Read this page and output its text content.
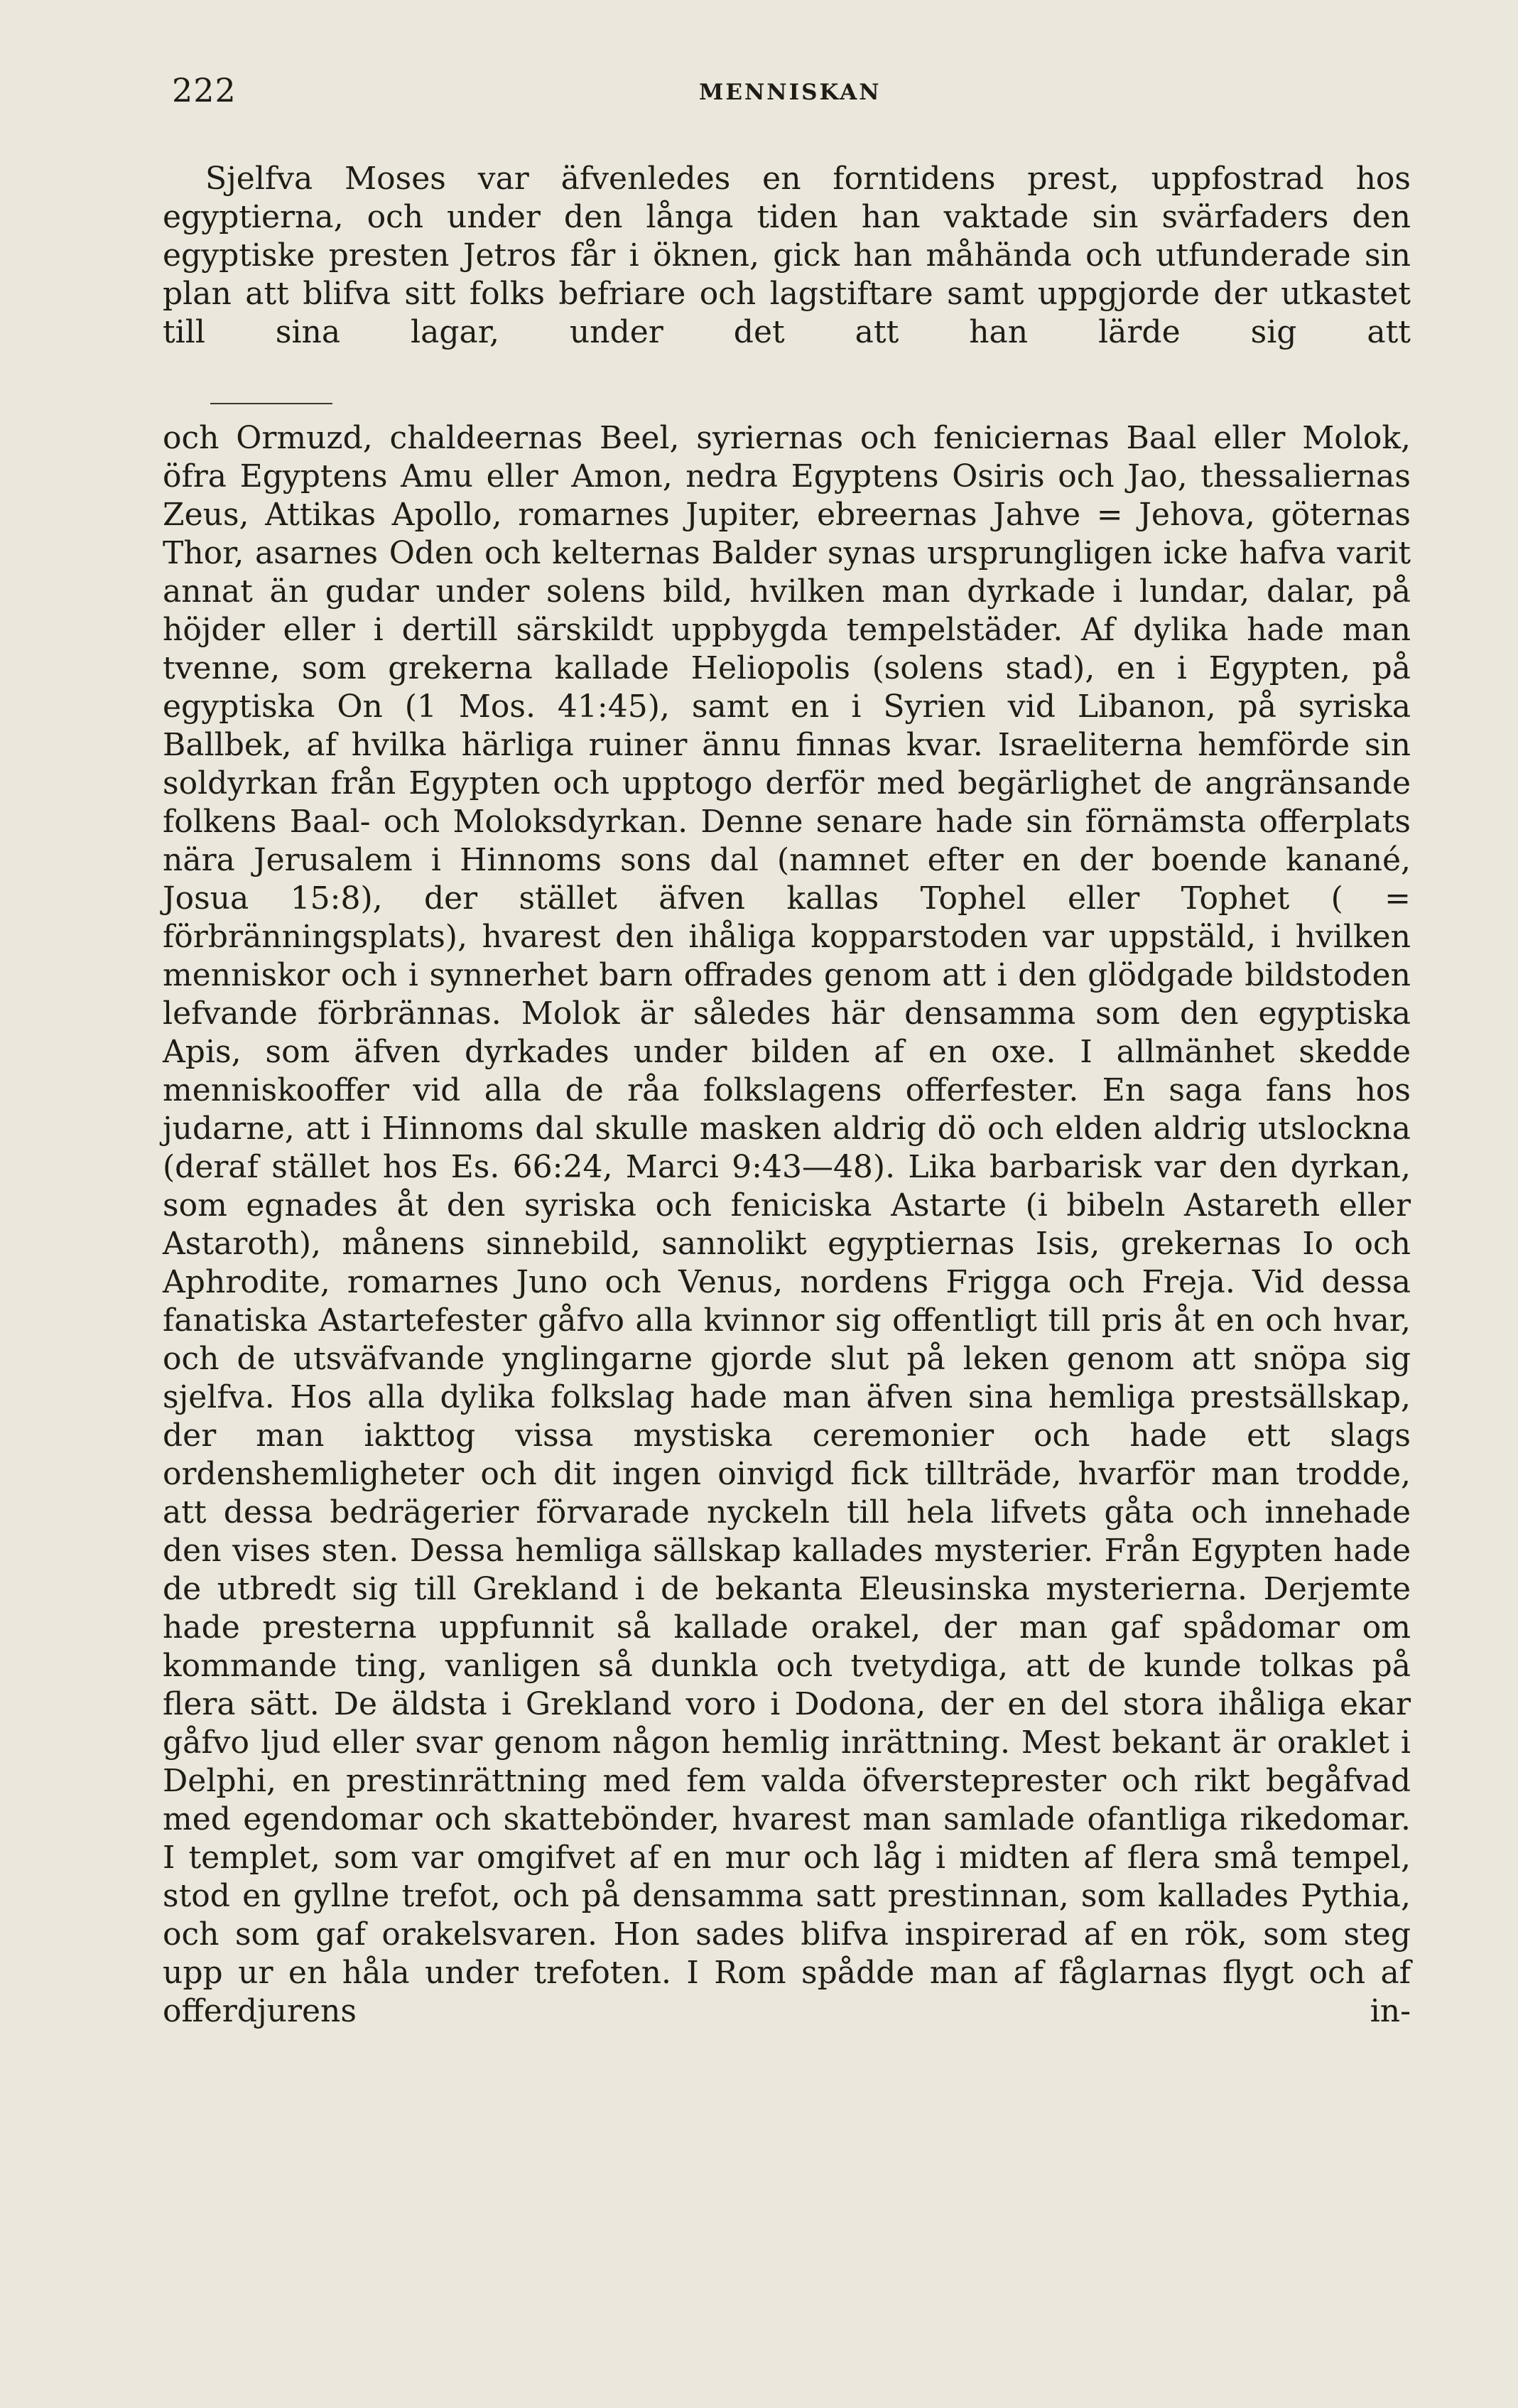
222	MENNISKAN

Sjelfva Moses var äfvenledes en forntidens prest, uppfostrad hos egyptierna, och under den långa tiden han vaktade sin svärfaders den egyptiske presten Jetros får i öknen, gick han måhända och utfunderade sin plan att blifva sitt folks befriare och lagstiftare samt uppgjorde der utkastet till sina lagar, under det att han lärde sig att

och Ormuzd, chaldeernas Beel, syriernas och feniciernas Baal eller Molok, öfra Egyptens Amu eller Amon, nedra Egyptens Osiris och Jao, thessaliernas Zeus, Attikas Apollo, romarnes Jupiter, ebreernas Jahve = Jehova, göternas Thor, asarnes Oden och kelternas Balder synas ursprungligen icke hafva varit annat än gudar under solens bild, hvilken man dyrkade i lundar, dalar, på höjder eller i dertill särskildt uppbygda tempelstäder. Af dylika hade man tvenne, som grekerna kallade Heliopolis (solens stad), en i Egypten, på egyptiska On (1 Mos. 41:45), samt en i Syrien vid Libanon, på syriska Ballbek, af hvilka härliga ruiner ännu finnas kvar. Israeliterna hemförde sin soldyrkan från Egypten och upptogo derför med begärlighet de angränsande folkens Baal- och Moloksdyrkan. Denne senare hade sin förnämsta offerplats nära Jerusalem i Hinnoms sons dal (namnet efter en der boende kanané, Josua 15:8), der stället äfven kallas Tophel eller Tophet ( = förbränningsplats), hvarest den ihåliga kopparstoden var uppstäld, i hvilken menniskor och i synnerhet barn offrades genom att i den glödgade bildstoden lefvande förbrännas. Molok är således här densamma som den egyptiska Apis, som äfven dyrkades under bilden af en oxe. I allmänhet skedde menniskooffer vid alla de råa folkslagens offerfester. En saga fans hos judarne, att i Hinnoms dal skulle masken aldrig dö och elden aldrig utslockna (deraf stället hos Es. 66:24, Marci 9:43—48). Lika barbarisk var den dyrkan, som egnades åt den syriska och feniciska Astarte (i bibeln Astareth eller Astaroth), månens sinnebild, sannolikt egyptiernas Isis, grekernas Io och Aphrodite, romarnes Juno och Venus, nordens Frigga och Freja. Vid dessa fanatiska Astartefester gåfvo alla kvinnor sig offentligt till pris åt en och hvar, och de utsväfvande ynglingarne gjorde slut på leken genom att snöpa sig sjelfva. Hos alla dylika folkslag hade man äfven sina hemliga prestsällskap, der man iakttog vissa mystiska ceremonier och hade ett slags ordenshemligheter och dit ingen oinvigd fick tillträde, hvarför man trodde, att dessa bedrägerier förvarade nyckeln till hela lifvets gåta och innehade den vises sten. Dessa hemliga sällskap kallades mysterier. Från Egypten hade de utbredt sig till Grekland i de bekanta Eleusinska mysterierna. Derjemte hade presterna uppfunnit så kallade orakel, der man gaf spådomar om kommande ting, vanligen så dunkla och tvetydiga, att de kunde tolkas på flera sätt. De äldsta i Grekland voro i Dodona, der en del stora ihåliga ekar gåfvo ljud eller svar genom någon hemlig inrättning. Mest bekant är oraklet i Delphi, en prestinrättning med fem valda öfversteprester och rikt begåfvad med egendomar och skattebönder, hvarest man samlade ofantliga rikedomar. I templet, som var omgifvet af en mur och låg i midten af flera små tempel, stod en gyllne trefot, och på densamma satt prestinnan, som kallades Pythia, och som gaf orakelsvaren. Hon sades blifva inspirerad af en rök, som steg upp ur en håla under trefoten. I Rom spådde man af fåglarnas flygt och af offerdjurens in-
